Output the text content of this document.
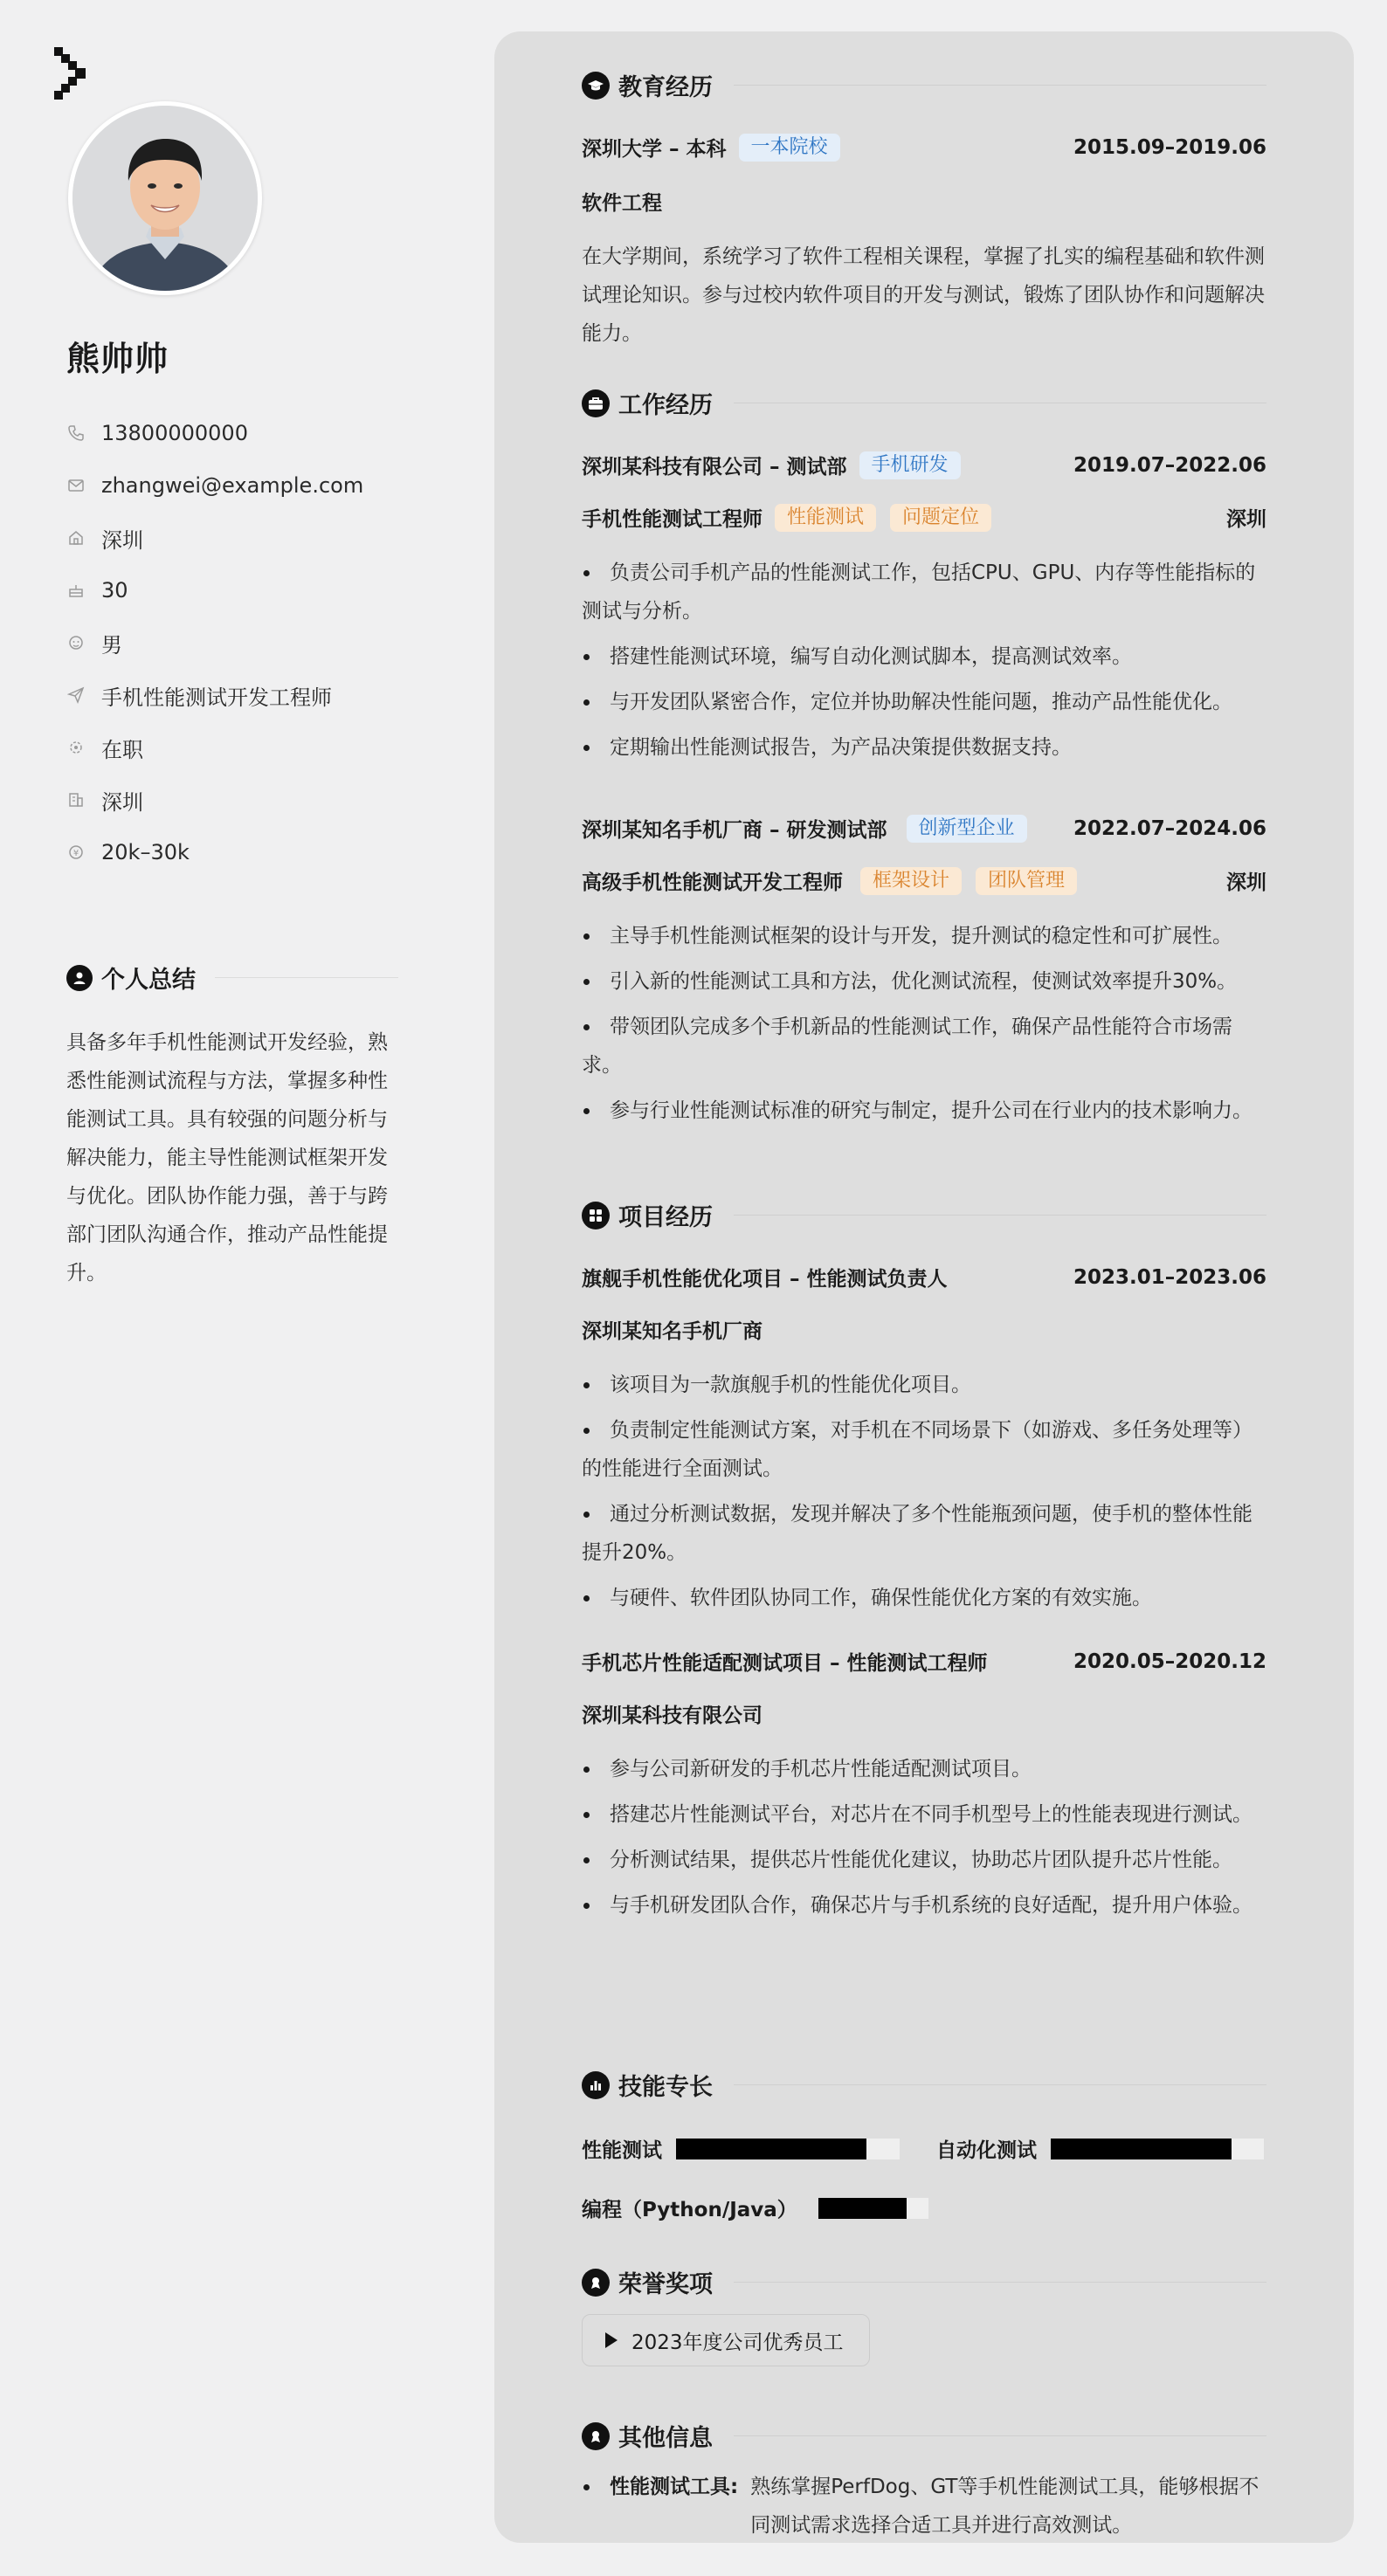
熊帅帅
13800000000
zhangwei@example.com
深圳
30
男
手机性能测试开发工程师
在职
深圳
¥ 20k–30k
个人总结
具备多年手机性能测试开发经验，熟悉性能测试流程与方法，掌握多种性能测试工具。具有较强的问题分析与解决能力，能主导性能测试框架开发与优化。团队协作能力强，善于与跨部门团队沟通合作，推动产品性能提升。
教育经历
深圳大学 – 本科	一本院校	2015.09–2019.06
软件工程
在大学期间，系统学习了软件工程相关课程，掌握了扎实的编程基础和软件测试理论知识。参与过校内软件项目的开发与测试，锻炼了团队协作和问题解决能力。
工作经历
深圳某科技有限公司 – 测试部	手机研发	2019.07–2022.06
手机性能测试工程师	性能测试	问题定位	深圳
负责公司手机产品的性能测试工作，包括CPU、GPU、内存等性能指标的测试与分析。
搭建性能测试环境，编写自动化测试脚本，提高测试效率。
与开发团队紧密合作，定位并协助解决性能问题，推动产品性能优化。
定期输出性能测试报告，为产品决策提供数据支持。
深圳某知名手机厂商 – 研发测试部	创新型企业	2022.07–2024.06
高级手机性能测试开发工程师	框架设计	团队管理	深圳
主导手机性能测试框架的设计与开发，提升测试的稳定性和可扩展性。
引入新的性能测试工具和方法，优化测试流程，使测试效率提升30%。
带领团队完成多个手机新品的性能测试工作，确保产品性能符合市场需求。
参与行业性能测试标准的研究与制定，提升公司在行业内的技术影响力。
项目经历
旗舰手机性能优化项目 – 性能测试负责人	2023.01–2023.06
深圳某知名手机厂商
该项目为一款旗舰手机的性能优化项目。
负责制定性能测试方案，对手机在不同场景下（如游戏、多任务处理等）的性能进行全面测试。
通过分析测试数据，发现并解决了多个性能瓶颈问题，使手机的整体性能提升20%。
与硬件、软件团队协同工作，确保性能优化方案的有效实施。
手机芯片性能适配测试项目 – 性能测试工程师	2020.05–2020.12
深圳某科技有限公司
参与公司新研发的手机芯片性能适配测试项目。
搭建芯片性能测试平台，对芯片在不同手机型号上的性能表现进行测试。
分析测试结果，提供芯片性能优化建议，协助芯片团队提升芯片性能。
与手机研发团队合作，确保芯片与手机系统的良好适配，提升用户体验。
技能专长
性能测试	自动化测试
编程（Python/Java）
荣誉奖项
2023年度公司优秀员工
其他信息
性能测试工具: 熟练掌握PerfDog、GT等手机性能测试工具，能够根据不同测试需求选择合适工具并进行高效测试。
